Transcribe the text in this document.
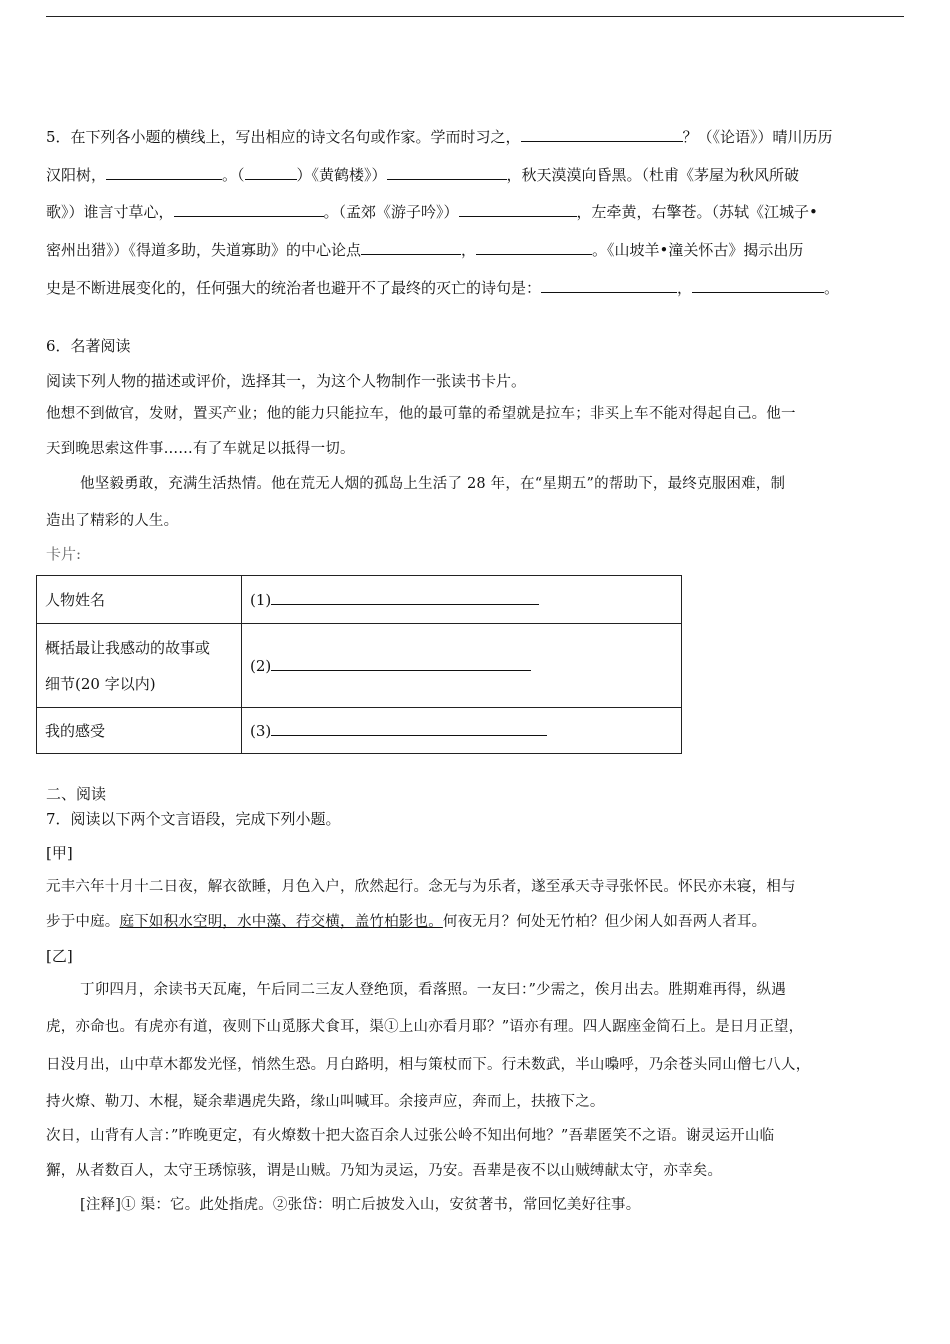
5．在下列各小题的横线上，写出相应的诗文名句或作家。学而时习之，	？（《论语》）晴川历历
汉阳树，	。（	）《黄鹤楼》）	，秋天漠漠向昏黑。（杜甫《茅屋为秋风所破
歌》）谁言寸草心，	。（孟郊《游子吟》）	，左牵黄，右擎苍。（苏轼《江城子•
密州出猎》）《得道多助，失道寡助》的中心论点	，	。《山坡羊•潼关怀古》揭示出历
史是不断进展变化的，任何强大的统治者也避开不了最终的灭亡的诗句是：	，	。
6．名著阅读
阅读下列人物的描述或评价，选择其一，为这个人物制作一张读书卡片。
他想不到做官，发财，置买产业；他的能力只能拉车，他的最可靠的希望就是拉车；非买上车不能对得起自己。他一
天到晚思索这件事……有了车就足以抵得一切。
他坚毅勇敢，充满生活热情。他在荒无人烟的孤岛上生活了 28 年，在“星期五”的帮助下，最终克服困难，制
造出了精彩的人生。
卡片:
人物姓名	(1)

概括最让我感动的故事或
细节(20 字以内)	(2)
我的感受	(3)
二、阅读
7．阅读以下两个文言语段，完成下列小题。
[甲]
元丰六年十月十二日夜，解衣欲睡，月色入户，欣然起行。念无与为乐者，遂至承天寺寻张怀民。怀民亦未寝，相与
步于中庭。庭下如积水空明，水中藻、荇交横，盖竹柏影也。何夜无月？何处无竹柏？但少闲人如吾两人者耳。
[乙]
丁卯四月，余读书天瓦庵，午后同二三友人登绝顶，看落照。一友曰：”少需之，俟月出去。胜期难再得，纵遇
虎，亦命也。有虎亦有道，夜则下山觅豚犬食耳，渠①上山亦看月耶？”语亦有理。四人踞座金简石上。是日月正望，
日没月出，山中草木都发光怪，悄然生恐。月白路明，相与策杖而下。行未数武，半山嘄呼，乃余苍头同山僧七八人，
持火燎、勒刀、木棍，疑余辈遇虎失路，缘山叫喊耳。余接声应，奔而上，扶掖下之。
次日，山背有人言：”昨晚更定，有火燎数十把大盗百余人过张公岭不知出何地？”吾辈匿笑不之语。谢灵运开山临
獬，从者数百人，太守王琇惊骇，谓是山贼。乃知为灵运，乃安。吾辈是夜不以山贼缚献太守，亦幸矣。
[注释]① 渠：它。此处指虎。②张岱：明亡后披发入山，安贫著书，常回忆美好往事。
